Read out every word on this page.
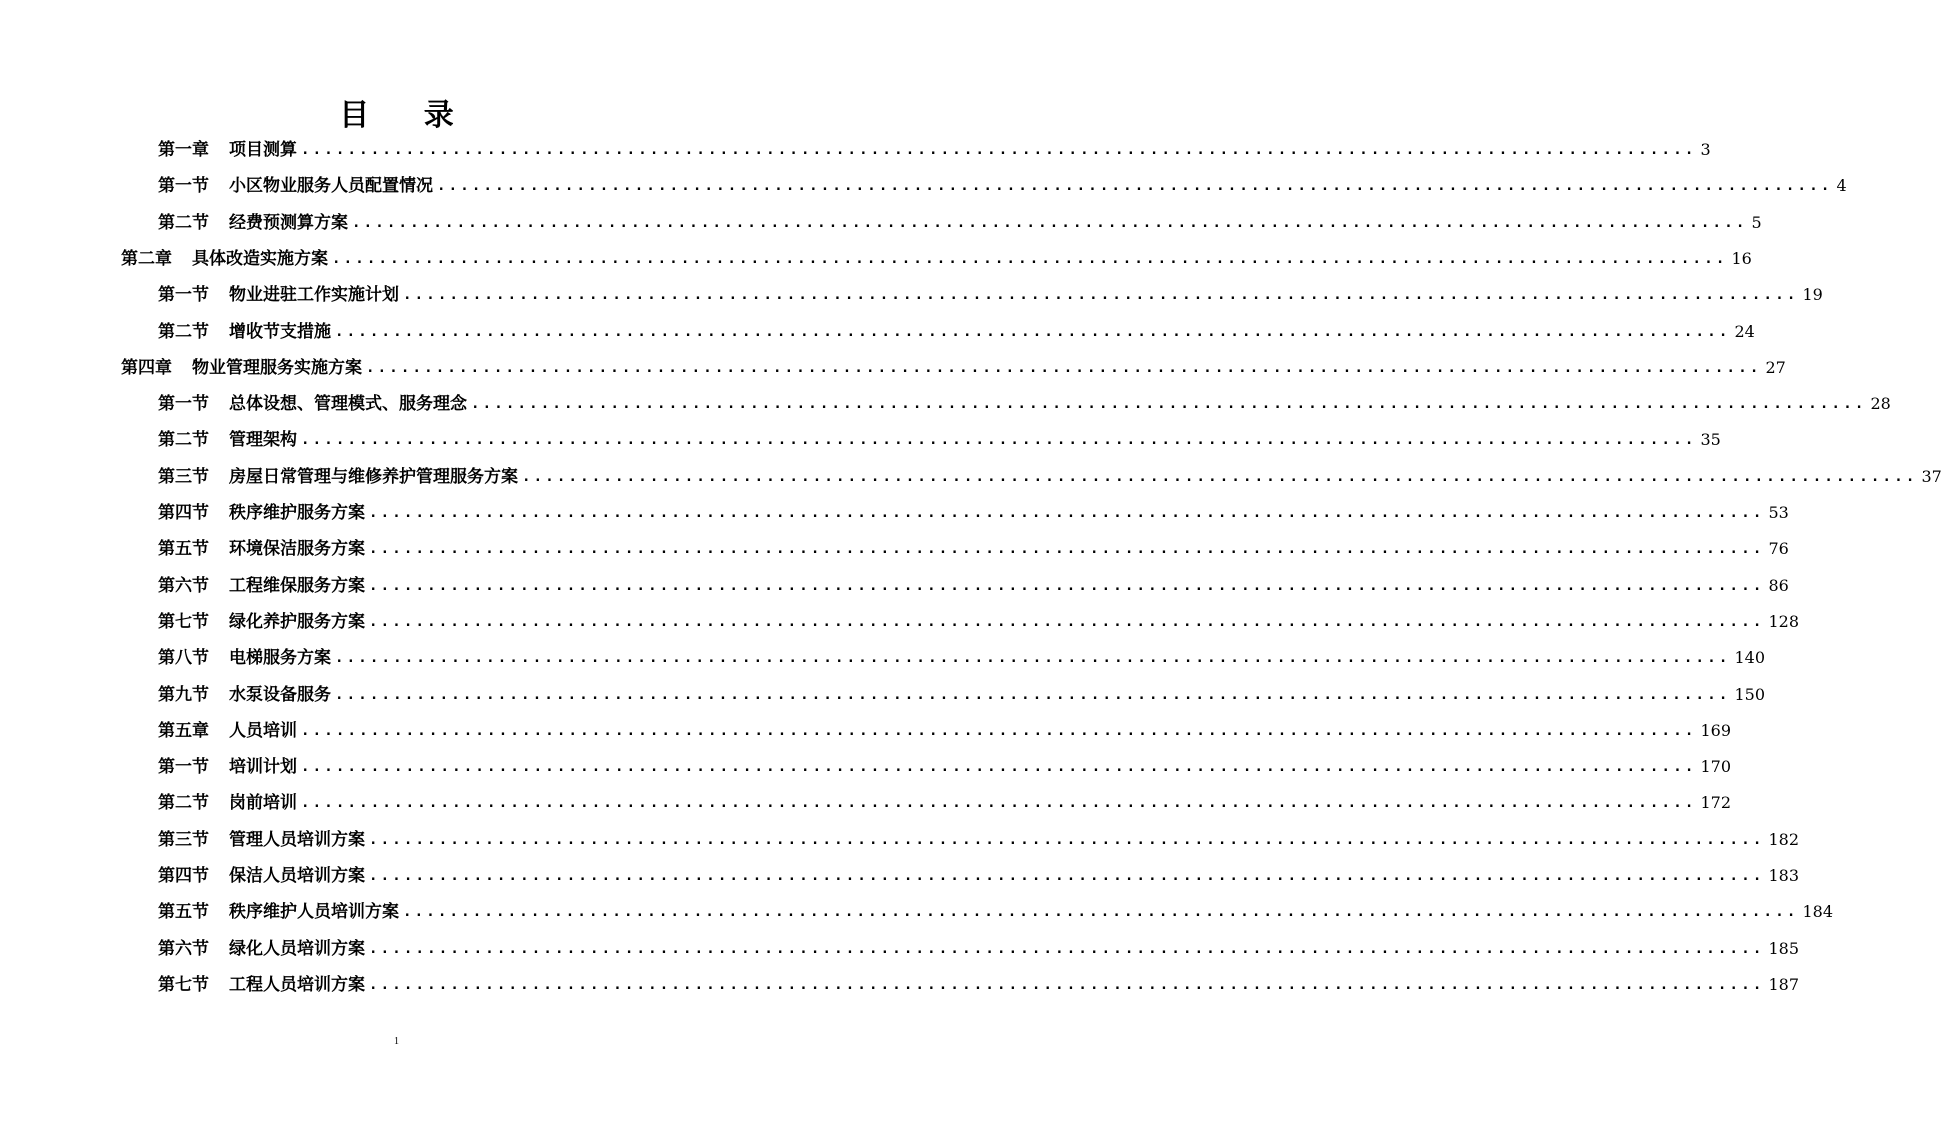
目 录
第一章 项目测算 ........................................................................................................................ 3
第一节 小区物业服务人员配置情况 ........................................................................................................................ 4
第二节 经费预测算方案 ........................................................................................................................ 5
第二章 具体改造实施方案 ........................................................................................................................ 16
第一节 物业进驻工作实施计划 ........................................................................................................................ 19
第二节 增收节支措施 ........................................................................................................................ 24
第四章 物业管理服务实施方案 ........................................................................................................................ 27
第一节 总体设想、管理模式、服务理念 ........................................................................................................................ 28
第二节 管理架构 ........................................................................................................................ 35
第三节 房屋日常管理与维修养护管理服务方案 ........................................................................................................................ 37
第四节 秩序维护服务方案 ........................................................................................................................ 53
第五节 环境保洁服务方案 ........................................................................................................................ 76
第六节 工程维保服务方案 ........................................................................................................................ 86
第七节 绿化养护服务方案 ........................................................................................................................ 128
第八节 电梯服务方案 ........................................................................................................................ 140
第九节 水泵设备服务 ........................................................................................................................ 150
第五章 人员培训 ........................................................................................................................ 169
第一节 培训计划 ........................................................................................................................ 170
第二节 岗前培训 ........................................................................................................................ 172
第三节 管理人员培训方案 ........................................................................................................................ 182
第四节 保洁人员培训方案 ........................................................................................................................ 183
第五节 秩序维护人员培训方案 ........................................................................................................................ 184
第六节 绿化人员培训方案 ........................................................................................................................ 185
第七节 工程人员培训方案 ........................................................................................................................ 187
1
